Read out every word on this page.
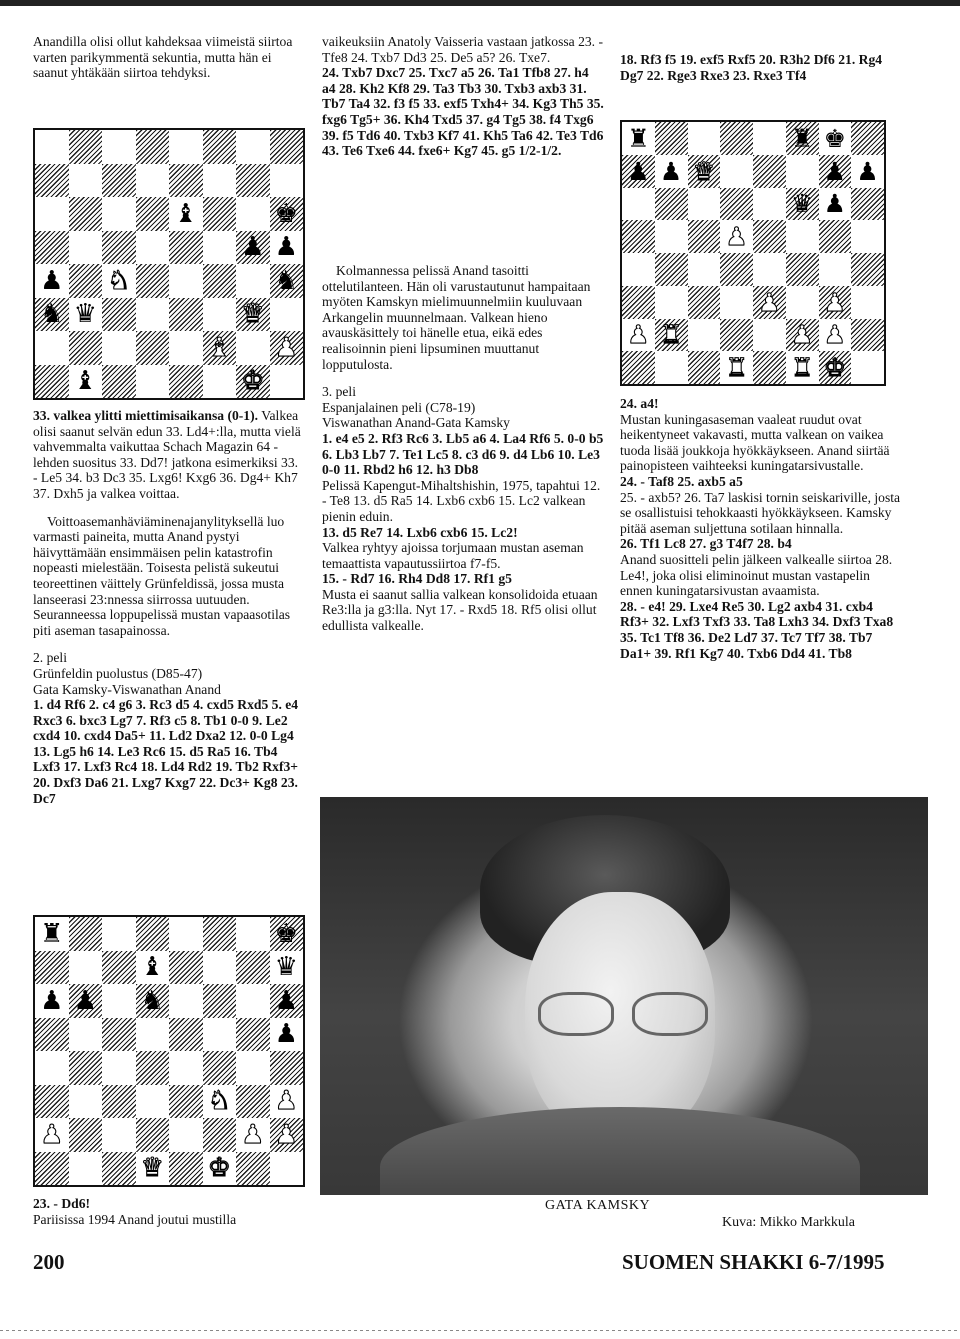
Anandilla olisi ollut kahdeksaa viimeistä siirtoa varten parikymmentä sekuntia, mutta hän ei saanut yhtäkään siirtoa tehdyksi.

♝	♚
♟ ♟
♟ ♞	♞
♞ ♛	♛
♝ ♟
♝	♚

33. valkea ylitti miettimisaikansa (0-1). Valkea olisi saanut selvän edun 33. Ld4+:lla, mutta vielä vahvemmalta vaikuttaa Schach Magazin 64 -lehden suositus 33. Dd7! jatkona esimerkiksi 33. - Le5 34. b3 Dc3 35. Lxg6! Kxg6 36. Dg4+ Kh7 37. Dxh5 ja valkea voittaa.

Voittoasemanhäviäminenajanylityksellä luo varmasti paineita, mutta Anand pystyi häivyttämään ensimmäisen pelin katastrofin nopeasti mielestään. Toisesta pelistä sukeutui teoreettinen väittely Grünfeldissä, jossa musta lanseerasi 23:nnessa siirrossa uutuuden. Seuranneessa loppupelissä mustan vapaasotilas piti aseman tasapainossa.

2. peli

Grünfeldin puolustus (D85-47)

Gata Kamsky-Viswanathan Anand

1. d4 Rf6 2. c4 g6 3. Rc3 d5 4. cxd5 Rxd5 5. e4 Rxc3 6. bxc3 Lg7 7. Rf3 c5 8. Tb1 0-0 9. Le2 cxd4 10. cxd4 Da5+ 11. Ld2 Dxa2 12. 0-0 Lg4 13. Lg5 h6 14. Le3 Rc6 15. d5 Ra5 16. Tb4 Lxf3 17. Lxf3 Rc4 18. Ld4 Rd2 19. Tb2 Rxf3+ 20. Dxf3 Da6 21. Lxg7 Kxg7 22. Dc3+ Kg8 23. Dc7

♜	♚
♝	♛
♟ ♟ ♞	♟
♟
♞ ♟
♟	♟ ♟
♛ ♚

23. - Dd6!

Pariisissa 1994 Anand joutui mustilla

vaikeuksiin Anatoly Vaisseria vastaan jatkossa 23. - Tfe8 24. Txb7 Dd3 25. De5 a5? 26. Txe7.

24. Txb7 Dxc7 25. Txc7 a5 26. Ta1 Tfb8 27. h4 a4 28. Kh2 Kf8 29. Ta3 Tb3 30. Txb3 axb3 31. Tb7 Ta4 32. f3 f5 33. exf5 Txh4+ 34. Kg3 Th5 35. fxg6 Tg5+ 36. Kh4 Txd5 37. g4 Tg5 38. f4 Txg6 39. f5 Td6 40. Txb3 Kf7 41. Kh5 Ta6 42. Te3 Td6 43. Te6 Txe6 44. fxe6+ Kg7 45. g5 1/2-1/2.

Kolmannessa pelissä Anand tasoitti ottelutilanteen. Hän oli varustautunut hampaitaan myöten Kamskyn mielimuunnelmiin kuuluvaan Arkangelin muunnelmaan. Valkean hieno avauskäsittely toi hänelle etua, eikä edes realisoinnin pieni lipsuminen muuttanut lopputulosta.

3. peli

Espanjalainen peli (C78-19)

Viswanathan Anand-Gata Kamsky

1. e4 e5 2. Rf3 Rc6 3. Lb5 a6 4. La4 Rf6 5. 0-0 b5 6. Lb3 Lb7 7. Te1 Lc5 8. c3 d6 9. d4 Lb6 10. Le3 0-0 11. Rbd2 h6 12. h3 Db8

Pelissä Kapengut-Mihaltshishin, 1975, tapahtui 12. - Te8 13. d5 Ra5 14. Lxb6 cxb6 15. Lc2 valkean pienin eduin.

13. d5 Re7 14. Lxb6 cxb6 15. Lc2!

Valkea ryhtyy ajoissa torjumaan mustan aseman temaattista vapautussiirtoa f7-f5.

15. - Rd7 16. Rh4 Dd8 17. Rf1 g5

Musta ei saanut sallia valkean konsolidoida etuaan Re3:lla ja g3:lla. Nyt 17. - Rxd5 18. Rf5 olisi ollut edullista valkealle.

18. Rf3 f5 19. exf5 Rxf5 20. R3h2 Df6 21. Rg4 Dg7 22. Rge3 Rxe3 23. Rxe3 Tf4

♜	♜ ♚
♟ ♟ ♛	♟ ♟
♛ ♟
♟
♟ ♟
♟ ♜	♟ ♟
♜ ♜ ♚

24. a4!

Mustan kuningasaseman vaaleat ruudut ovat heikentyneet vakavasti, mutta valkean on vaikea tuoda lisää joukkoja hyökkäykseen. Anand siirtää painopisteen vaihteeksi kuningatarsivustalle.

24. - Taf8 25. axb5 a5

25. - axb5? 26. Ta7 laskisi tornin seiskariville, josta se osallistuisi tehokkaasti hyökkäykseen. Kamsky pitää aseman suljettuna sotilaan hinnalla.

26. Tf1 Lc8 27. g3 T4f7 28. b4

Anand suositteli pelin jälkeen valkealle siirtoa 28. Le4!, joka olisi eliminoinut mustan vastapelin ennen kuningatarsivustan avaamista.

28. - e4! 29. Lxe4 Re5 30. Lg2 axb4 31. cxb4 Rf3+ 32. Lxf3 Txf3 33. Ta8 Lxh3 34. Dxf3 Txa8 35. Tc1 Tf8 36. De2 Ld7 37. Tc7 Tf7 38. Tb7 Da1+ 39. Rf1 Kg7 40. Txb6 Dd4 41. Tb8

GATA KAMSKY
Kuva: Mikko Markkula
200	SUOMEN SHAKKI 6-7/1995
